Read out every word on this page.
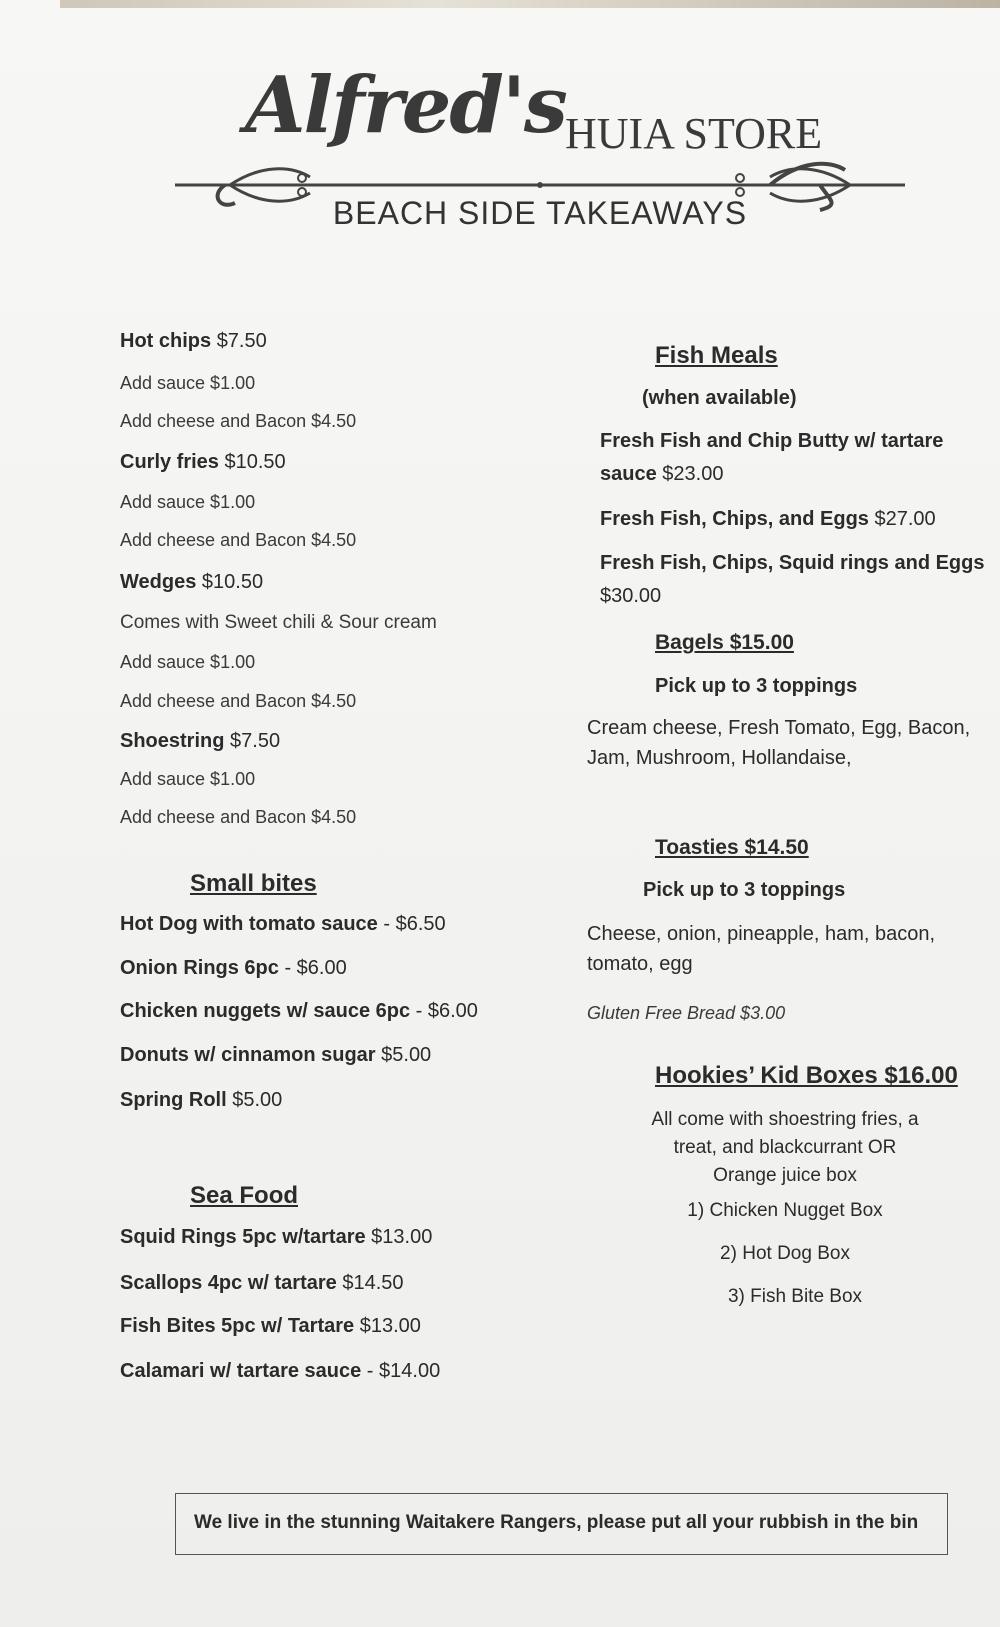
Alfred's HUIA STORE
BEACH SIDE TAKEAWAYS
Hot chips $7.50
Add sauce $1.00
Add cheese and Bacon $4.50
Curly fries $10.50
Add sauce $1.00
Add cheese and Bacon $4.50
Wedges $10.50
Comes with Sweet chili & Sour cream
Add sauce $1.00
Add cheese and Bacon $4.50
Shoestring $7.50
Add sauce $1.00
Add cheese and Bacon $4.50
Small bites
Hot Dog with tomato sauce - $6.50
Onion Rings 6pc - $6.00
Chicken nuggets w/ sauce 6pc - $6.00
Donuts w/ cinnamon sugar $5.00
Spring Roll $5.00
Sea Food
Squid Rings 5pc w/tartare $13.00
Scallops 4pc w/ tartare $14.50
Fish Bites 5pc w/ Tartare $13.00
Calamari w/ tartare sauce - $14.00
Fish Meals
(when available)
Fresh Fish and Chip Butty w/ tartare
sauce $23.00
Fresh Fish, Chips, and Eggs $27.00
Fresh Fish, Chips, Squid rings and Eggs
$30.00
Bagels $15.00
Pick up to 3 toppings
Cream cheese, Fresh Tomato, Egg, Bacon,
Jam, Mushroom, Hollandaise,
Toasties $14.50
Pick up to 3 toppings
Cheese, onion, pineapple, ham, bacon,
tomato, egg
Gluten Free Bread $3.00
Hookies’ Kid Boxes $16.00
All come with shoestring fries, a
treat, and blackcurrant OR
Orange juice box
1) Chicken Nugget Box
2) Hot Dog Box
3) Fish Bite Box
We live in the stunning Waitakere Rangers, please put all your rubbish in the bin
